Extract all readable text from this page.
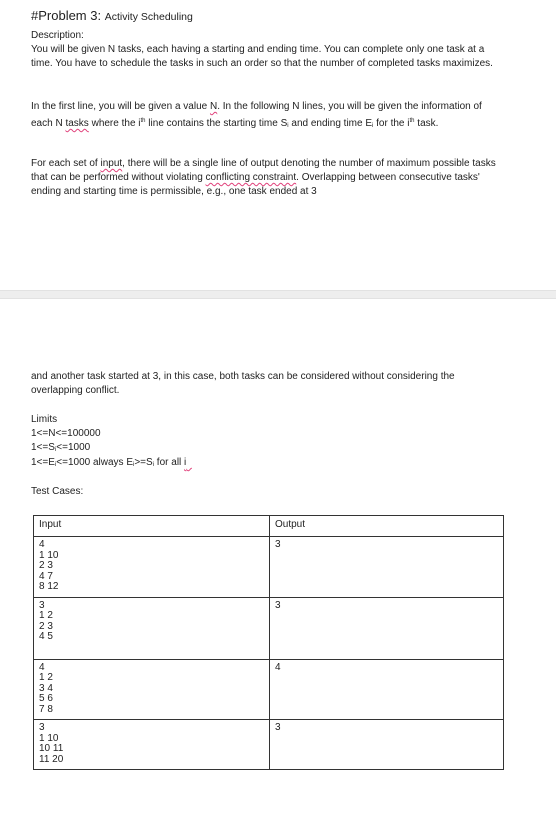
#Problem 3: Activity Scheduling
Description:
You will be given N tasks, each having a starting and ending time. You can complete only one task at a time. You have to schedule the tasks in such an order so that the number of completed tasks maximizes.
In the first line, you will be given a value N. In the following N lines, you will be given the information of each N tasks where the $i^{th}$ line contains the starting time $S_i$ and ending time $E_i$ for the $i^{th}$ task.
For each set of input, there will be a single line of output denoting the number of maximum possible tasks that can be performed without violating conflicting constraint. Overlapping between consecutive tasks' ending and starting time is permissible, e.g., one task ended at 3
and another task started at 3, in this case, both tasks can be considered without considering the overlapping conflict.
Limits
1<=N<=100000
$1<=S_i<=1000$
$1<=E_i<=1000$ always $E_i>=S_i$ for all i
Test Cases:
Input	Output

4
1 10
2 3
4 7
8 12	3

3
1 2
2 3
4 5	3

4
1 2
3 4
5 6
7 8	4

3
1 10
10 11
11 20	3
